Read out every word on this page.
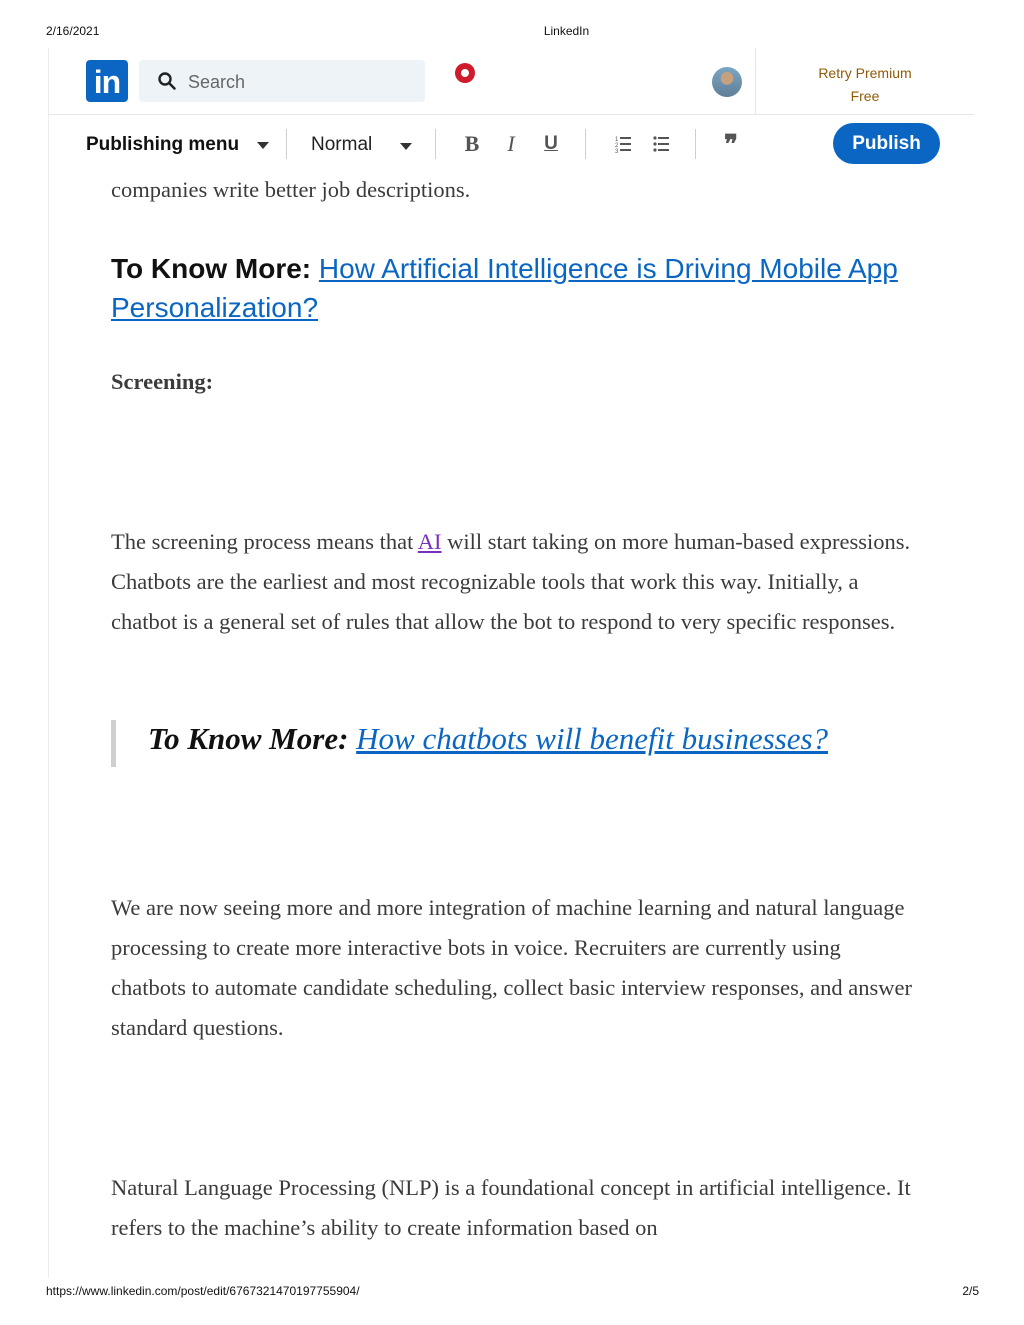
2/16/2021	LinkedIn
in	Search	Retry Premium
Free
Publishing menu	Normal	B	I	U	1
2
3	❞	Publish
companies write better job descriptions.
To Know More: How Artificial Intelligence is Driving Mobile App Personalization?
Screening:
The screening process means that AI will start taking on more human-based expressions. Chatbots are the earliest and most recognizable tools that work this way. Initially, a chatbot is a general set of rules that allow the bot to respond to very specific responses.
To Know More: How chatbots will benefit businesses?
We are now seeing more and more integration of machine learning and natural language processing to create more interactive bots in voice. Recruiters are currently using chatbots to automate candidate scheduling, collect basic interview responses, and answer standard questions.
Natural Language Processing (NLP) is a foundational concept in artificial intelligence. It refers to the machine’s ability to create information based on
https://www.linkedin.com/post/edit/6767321470197755904/	2/5
